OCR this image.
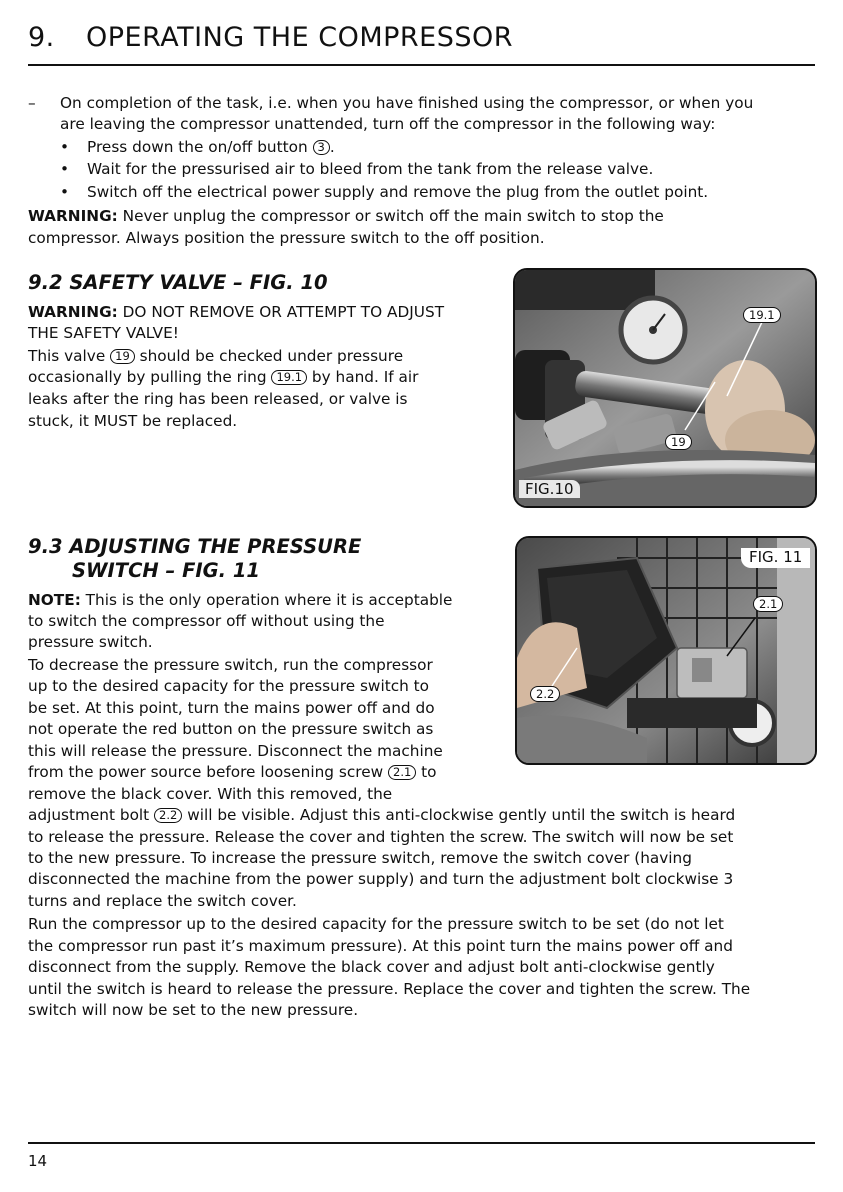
9. OPERATING THE COMPRESSOR
– On completion of the task, i.e. when you have finished using the compressor, or when you
are leaving the compressor unattended, turn off the compressor in the following way:
• Press down the on/off button 3 .
• Wait for the pressurised air to bleed from the tank from the release valve.
• Switch off the electrical power supply and remove the plug from the outlet point.
WARNING: Never unplug the compressor or switch off the main switch to stop the
compressor. Always position the pressure switch to the off position.
9.2 SAFETY VALVE – FIG. 10
WARNING: DO NOT REMOVE OR ATTEMPT TO ADJUST
THE SAFETY VALVE!
This valve 19 should be checked under pressure
occasionally by pulling the ring 19.1 by hand. If air
leaks after the ring has been released, or valve is
stuck, it MUST be replaced.
19.1
19
FIG.10
9.3 ADJUSTING THE PRESSURE
SWITCH – FIG. 11
NOTE: This is the only operation where it is acceptable
to switch the compressor off without using the
pressure switch.
To decrease the pressure switch, run the compressor
up to the desired capacity for the pressure switch to
be set. At this point, turn the mains power off and do
not operate the red button on the pressure switch as
this will release the pressure. Disconnect the machine
from the power source before loosening screw 2.1 to
remove the black cover. With this removed, the
adjustment bolt 2.2 will be visible. Adjust this anti-clockwise gently until the switch is heard
to release the pressure. Release the cover and tighten the screw. The switch will now be set
to the new pressure. To increase the pressure switch, remove the switch cover (having
disconnected the machine from the power supply) and turn the adjustment bolt clockwise 3
turns and replace the switch cover.
Run the compressor up to the desired capacity for the pressure switch to be set (do not let
the compressor run past it’s maximum pressure). At this point turn the mains power off and
disconnect from the supply. Remove the black cover and adjust bolt anti-clockwise gently
until the switch is heard to release the pressure. Replace the cover and tighten the screw. The
switch will now be set to the new pressure.
FIG. 11
2.1
2.2
14
